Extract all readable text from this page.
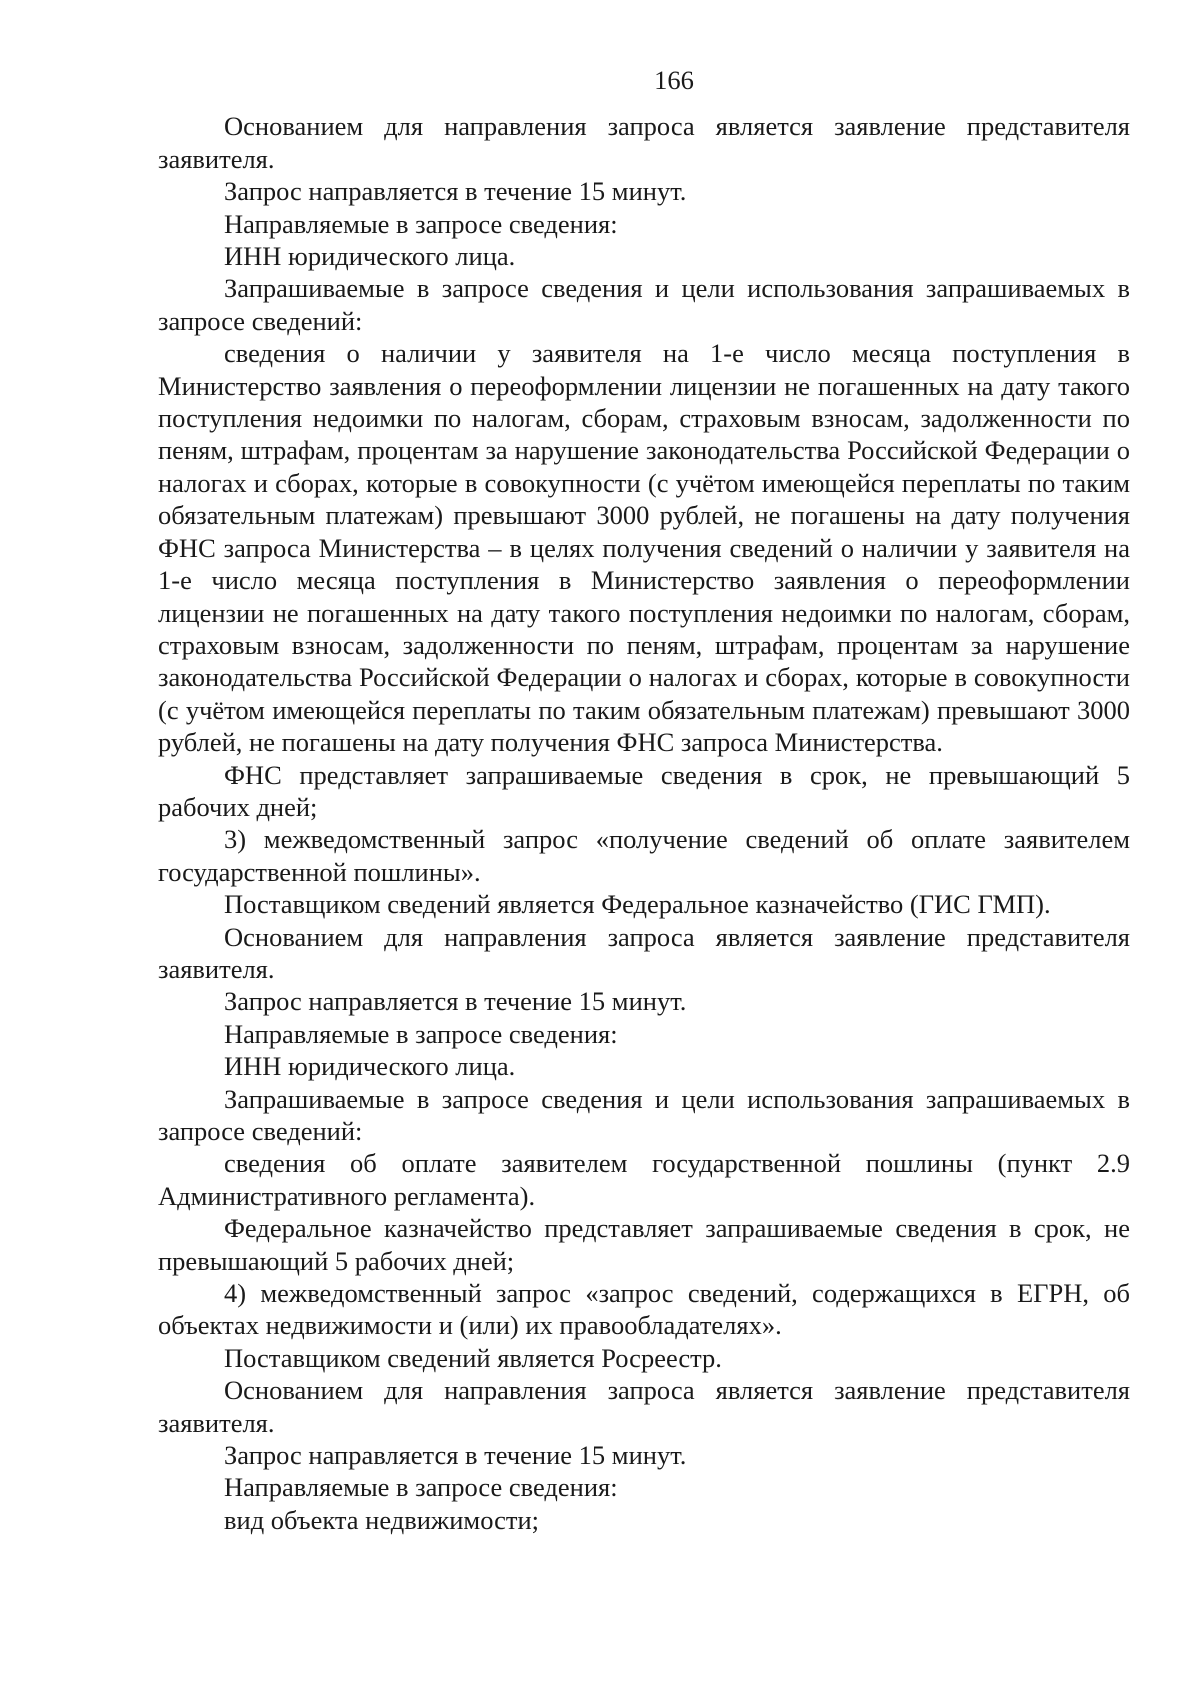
166

Основанием для направления запроса является заявление представителя заявителя.

Запрос направляется в течение 15 минут.

Направляемые в запросе сведения:

ИНН юридического лица.

Запрашиваемые в запросе сведения и цели использования запрашиваемых в запросе сведений:

сведения о наличии у заявителя на 1-е число месяца поступления в Министерство заявления о переоформлении лицензии не погашенных на дату такого поступления недоимки по налогам, сборам, страховым взносам, задолженности по пеням, штрафам, процентам за нарушение законодательства Российской Федерации о налогах и сборах, которые в совокупности (с учётом имеющейся переплаты по таким обязательным платежам) превышают 3000 рублей, не погашены на дату получения ФНС запроса Министерства – в целях получения сведений о наличии у заявителя на 1-е число месяца поступления в Министерство заявления о переоформлении лицензии не погашенных на дату такого поступления недоимки по налогам, сборам, страховым взносам, задолженности по пеням, штрафам, процентам за нарушение законодательства Российской Федерации о налогах и сборах, которые в совокупности (с учётом имеющейся переплаты по таким обязательным платежам) превышают 3000 рублей, не погашены на дату получения ФНС запроса Министерства.

ФНС представляет запрашиваемые сведения в срок, не превышающий 5 рабочих дней;

3) межведомственный запрос «получение сведений об оплате заявителем государственной пошлины».

Поставщиком сведений является Федеральное казначейство (ГИС ГМП).

Основанием для направления запроса является заявление представителя заявителя.

Запрос направляется в течение 15 минут.

Направляемые в запросе сведения:

ИНН юридического лица.

Запрашиваемые в запросе сведения и цели использования запрашиваемых в запросе сведений:

сведения об оплате заявителем государственной пошлины (пункт 2.9 Административного регламента).

Федеральное казначейство представляет запрашиваемые сведения в срок, не превышающий 5 рабочих дней;

4) межведомственный запрос «запрос сведений, содержащихся в ЕГРН, об объектах недвижимости и (или) их правообладателях».

Поставщиком сведений является Росреестр.

Основанием для направления запроса является заявление представителя заявителя.

Запрос направляется в течение 15 минут.

Направляемые в запросе сведения:

вид объекта недвижимости;
